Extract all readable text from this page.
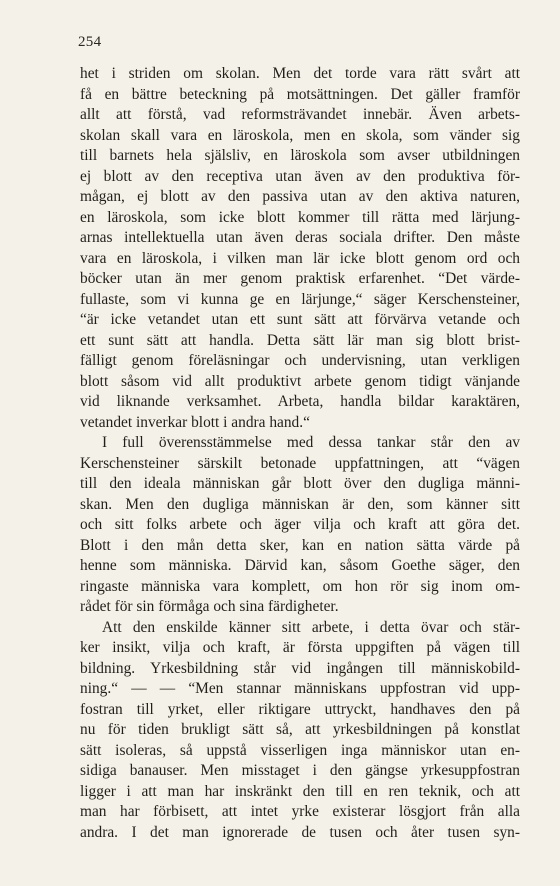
254
het i striden om skolan. Men det torde vara rätt svårt att
få en bättre beteckning på motsättningen. Det gäller framför
allt att förstå, vad reformsträvandet innebär. Även arbets-
skolan skall vara en läroskola, men en skola, som vänder sig
till barnets hela själsliv, en läroskola som avser utbildningen
ej blott av den receptiva utan även av den produktiva för-
mågan, ej blott av den passiva utan av den aktiva naturen,
en läroskola, som icke blott kommer till rätta med lärjung-
arnas intellektuella utan även deras sociala drifter. Den måste
vara en läroskola, i vilken man lär icke blott genom ord och
böcker utan än mer genom praktisk erfarenhet. “Det värde-
fullaste, som vi kunna ge en lärjunge,“ säger Kerschensteiner,
“är icke vetandet utan ett sunt sätt att förvärva vetande och
ett sunt sätt att handla. Detta sätt lär man sig blott brist-
fälligt genom föreläsningar och undervisning, utan verkligen
blott såsom vid allt produktivt arbete genom tidigt vänjande
vid liknande verksamhet. Arbeta, handla bildar karaktären,
vetandet inverkar blott i andra hand.“
I full överensstämmelse med dessa tankar står den av
Kerschensteiner särskilt betonade uppfattningen, att “vägen
till den ideala människan går blott över den dugliga männi-
skan. Men den dugliga människan är den, som känner sitt
och sitt folks arbete och äger vilja och kraft att göra det.
Blott i den mån detta sker, kan en nation sätta värde på
henne som människa. Därvid kan, såsom Goethe säger, den
ringaste människa vara komplett, om hon rör sig inom om-
rådet för sin förmåga och sina färdigheter.
Att den enskilde känner sitt arbete, i detta övar och stär-
ker insikt, vilja och kraft, är första uppgiften på vägen till
bildning. Yrkesbildning står vid ingången till människobild-
ning.“ — — “Men stannar människans uppfostran vid upp-
fostran till yrket, eller riktigare uttryckt, handhaves den på
nu för tiden brukligt sätt så, att yrkesbildningen på konstlat
sätt isoleras, så uppstå visserligen inga människor utan en-
sidiga banauser. Men misstaget i den gängse yrkesuppfostran
ligger i att man har inskränkt den till en ren teknik, och att
man har förbisett, att intet yrke existerar lösgjort från alla
andra. I det man ignorerade de tusen och åter tusen syn-
